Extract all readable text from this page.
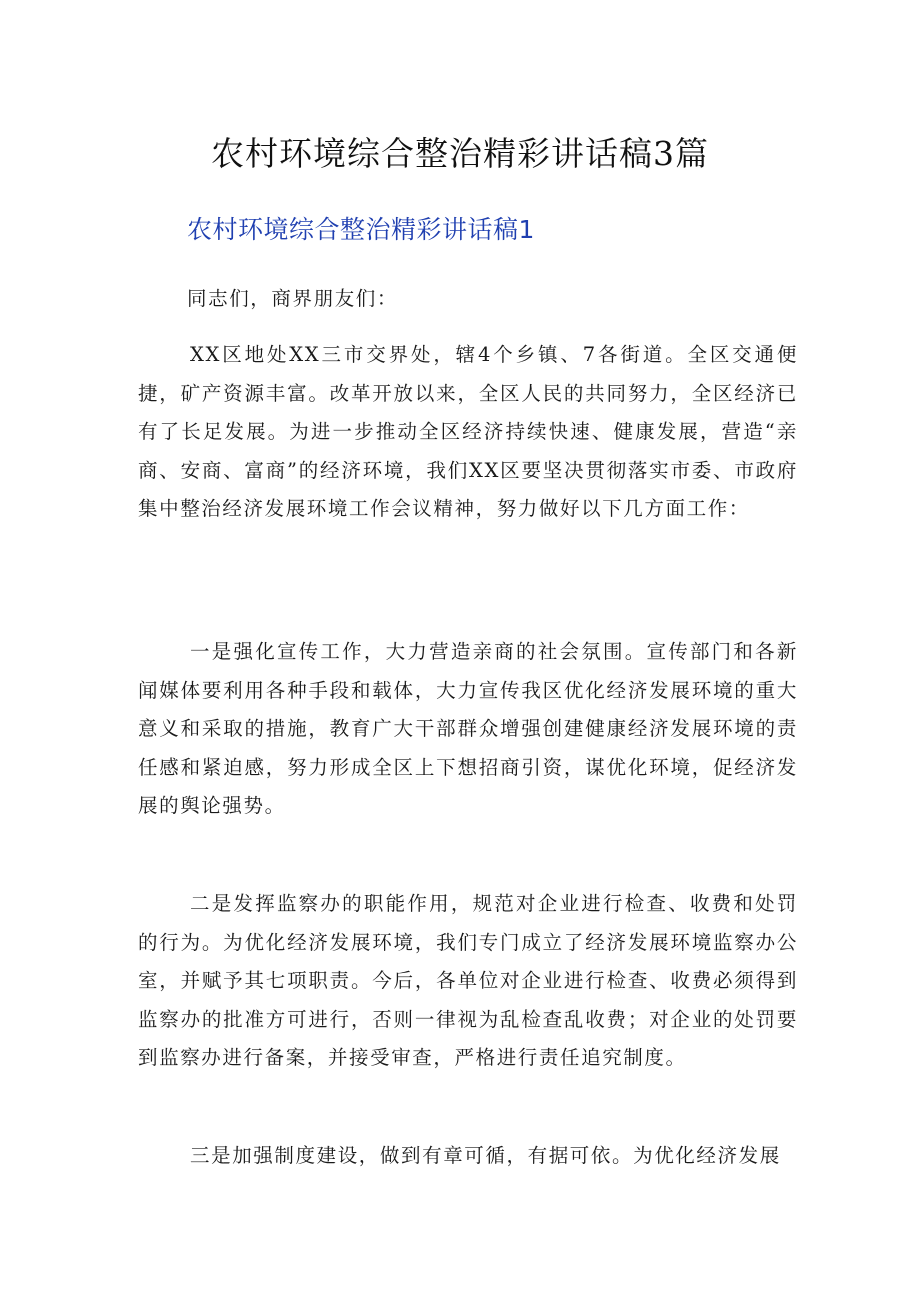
农村环境综合整治精彩讲话稿3篇
农村环境综合整治精彩讲话稿1

同志们，商界朋友们：

XX区地处XX三市交界处，辖4个乡镇、7各街道。全区交通便捷，矿产资源丰富。改革开放以来，全区人民的共同努力，全区经济已有了长足发展。为进一步推动全区经济持续快速、健康发展，营造“亲商、安商、富商”的经济环境，我们XX区要坚决贯彻落实市委、市政府集中整治经济发展环境工作会议精神，努力做好以下几方面工作：

一是强化宣传工作，大力营造亲商的社会氛围。宣传部门和各新闻媒体要利用各种手段和载体，大力宣传我区优化经济发展环境的重大意义和采取的措施，教育广大干部群众增强创建健康经济发展环境的责任感和紧迫感，努力形成全区上下想招商引资，谋优化环境，促经济发展的舆论强势。

二是发挥监察办的职能作用，规范对企业进行检查、收费和处罚的行为。为优化经济发展环境，我们专门成立了经济发展环境监察办公室，并赋予其七项职责。今后，各单位对企业进行检查、收费必须得到监察办的批准方可进行，否则一律视为乱检查乱收费；对企业的处罚要到监察办进行备案，并接受审查，严格进行责任追究制度。

三是加强制度建设，做到有章可循，有据可依。为优化经济发展
